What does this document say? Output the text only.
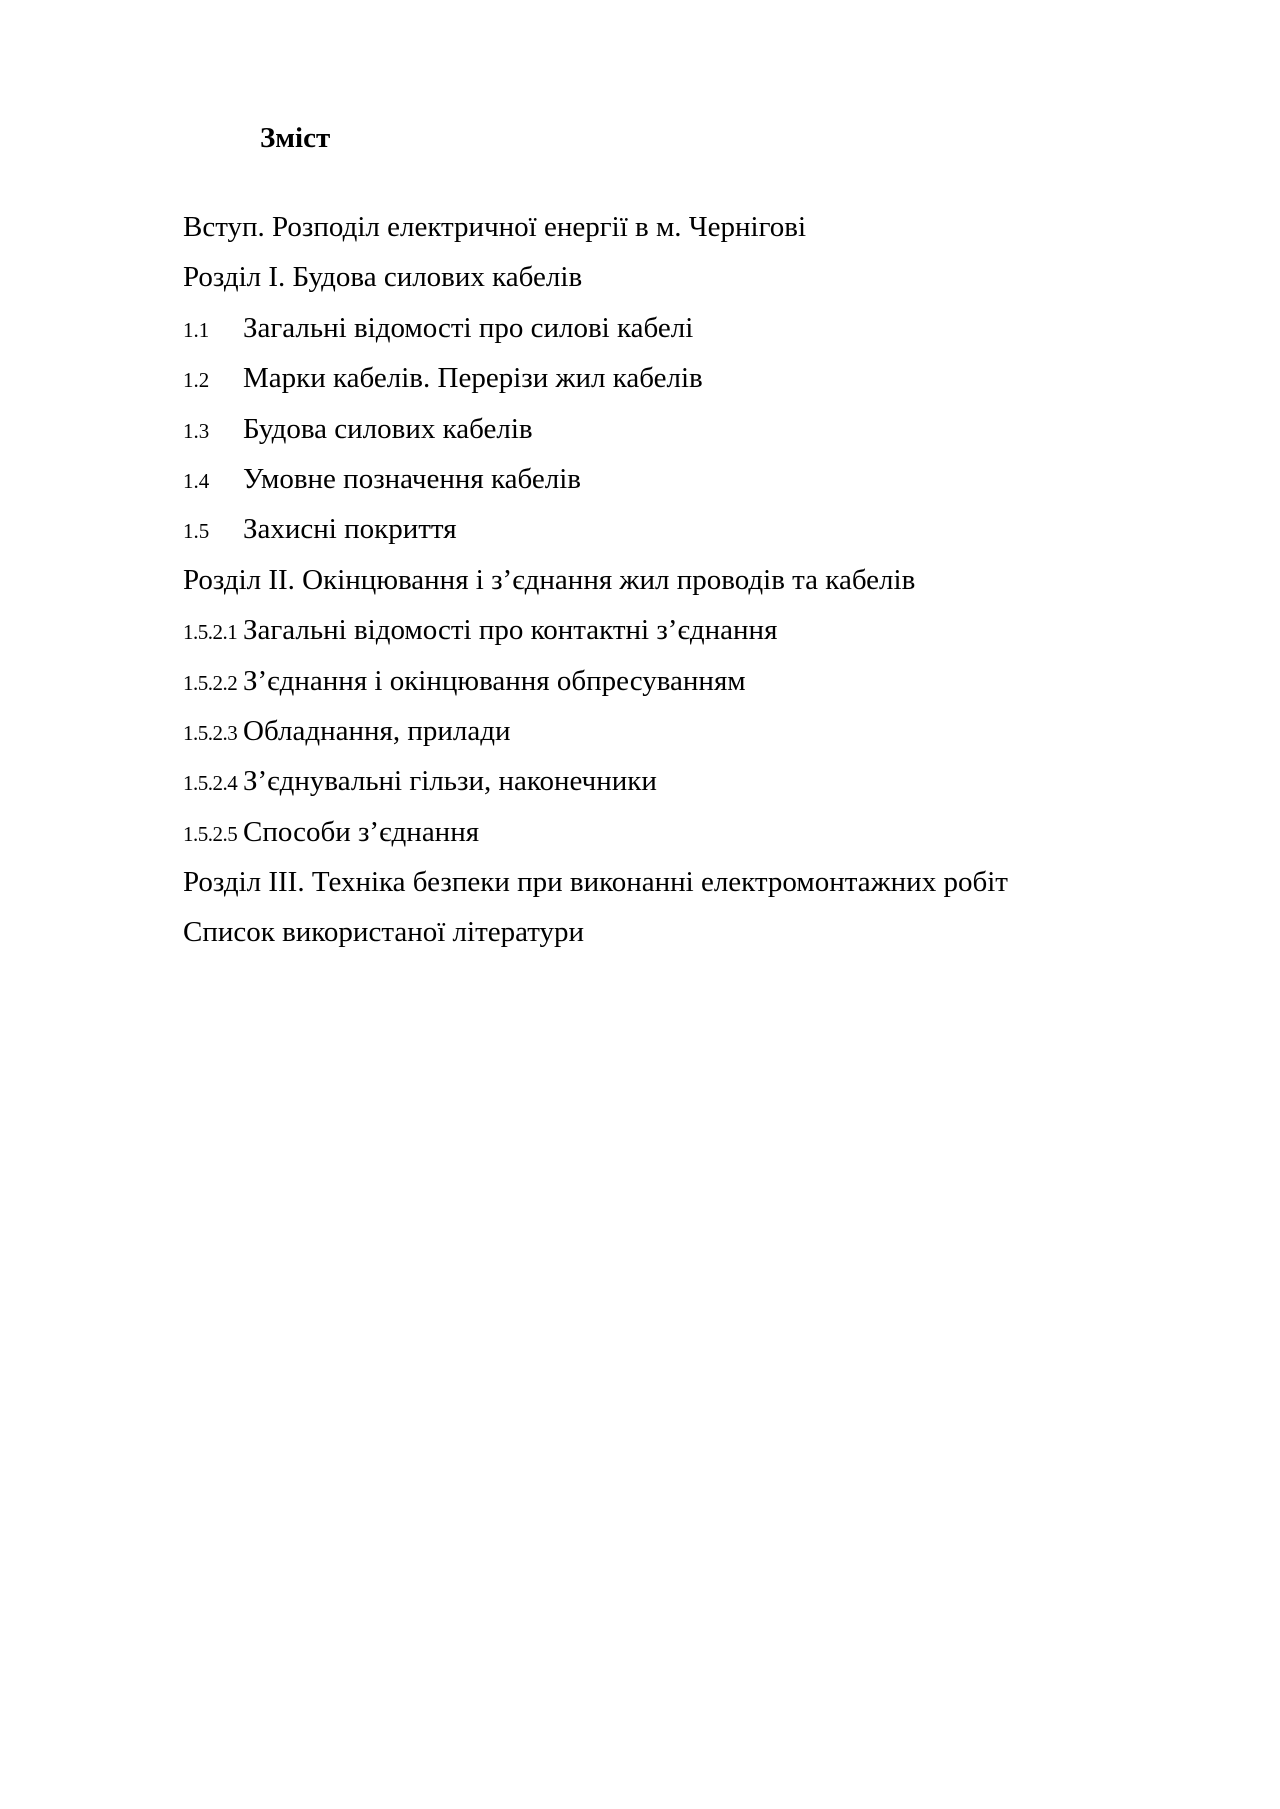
Зміст
Вступ. Розподіл електричної енергії в м. Чернігові
Розділ I. Будова силових кабелів
1.1 Загальні відомості про силові кабелі
1.2 Марки кабелів. Перерізи жил кабелів
1.3 Будова силових кабелів
1.4 Умовне позначення кабелів
1.5 Захисні покриття
Розділ II. Окінцювання і з’єднання жил проводів та кабелів
1.5.2.1 Загальні відомості про контактні з’єднання
1.5.2.2 З’єднання і окінцювання обпресуванням
1.5.2.3 Обладнання, прилади
1.5.2.4 З’єднувальні гільзи, наконечники
1.5.2.5 Способи з’єднання
Розділ III. Техніка безпеки при виконанні електромонтажних робіт
Список використаної літератури
